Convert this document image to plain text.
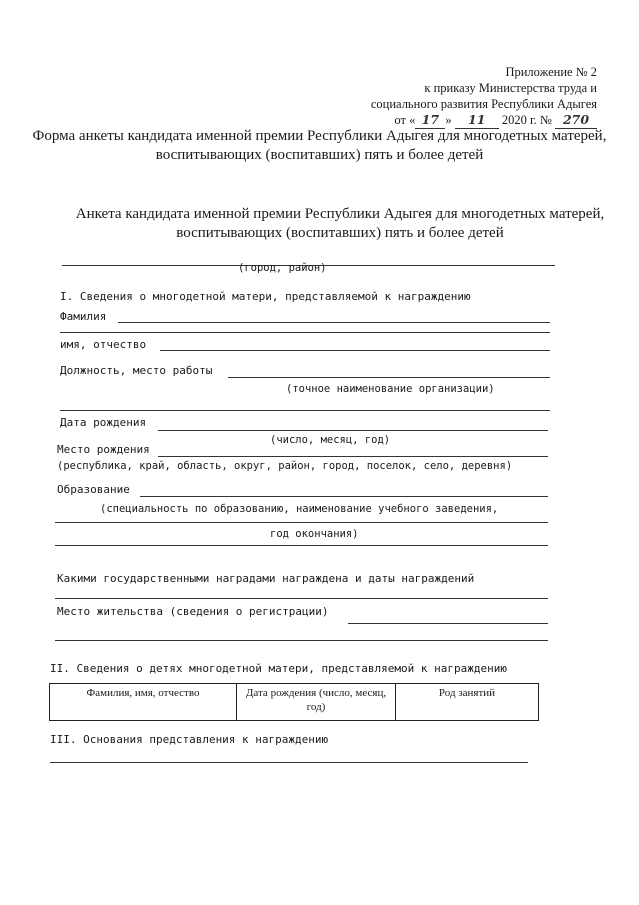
Приложение № 2
к приказу Министерства труда и
социального развития Республики Адыгея
от « 17 » 11 2020 г. № 270
Форма анкеты кандидата именной премии Республики Адыгея для многодетных матерей, воспитывающих (воспитавших) пять и более детей
Анкета кандидата именной премии Республики Адыгея для многодетных матерей, воспитывающих (воспитавших) пять и более детей
(город, район)
I. Сведения о многодетной матери, представляемой к награждению
Фамилия
имя, отчество
Должность, место работы
(точное наименование организации)
Дата рождения
(число, месяц, год)
Место рождения
(республика, край, область, округ, район, город, поселок, село, деревня)
Образование
(специальность по образованию, наименование учебного заведения,
год окончания)
Какими государственными наградами награждена и даты награждений
Место жительства (сведения о регистрации)
II. Сведения о детях многодетной матери, представляемой к награждению
Фамилия, имя, отчество	Дата рождения (число, месяц, год)	Род занятий
III. Основания представления к награждению
